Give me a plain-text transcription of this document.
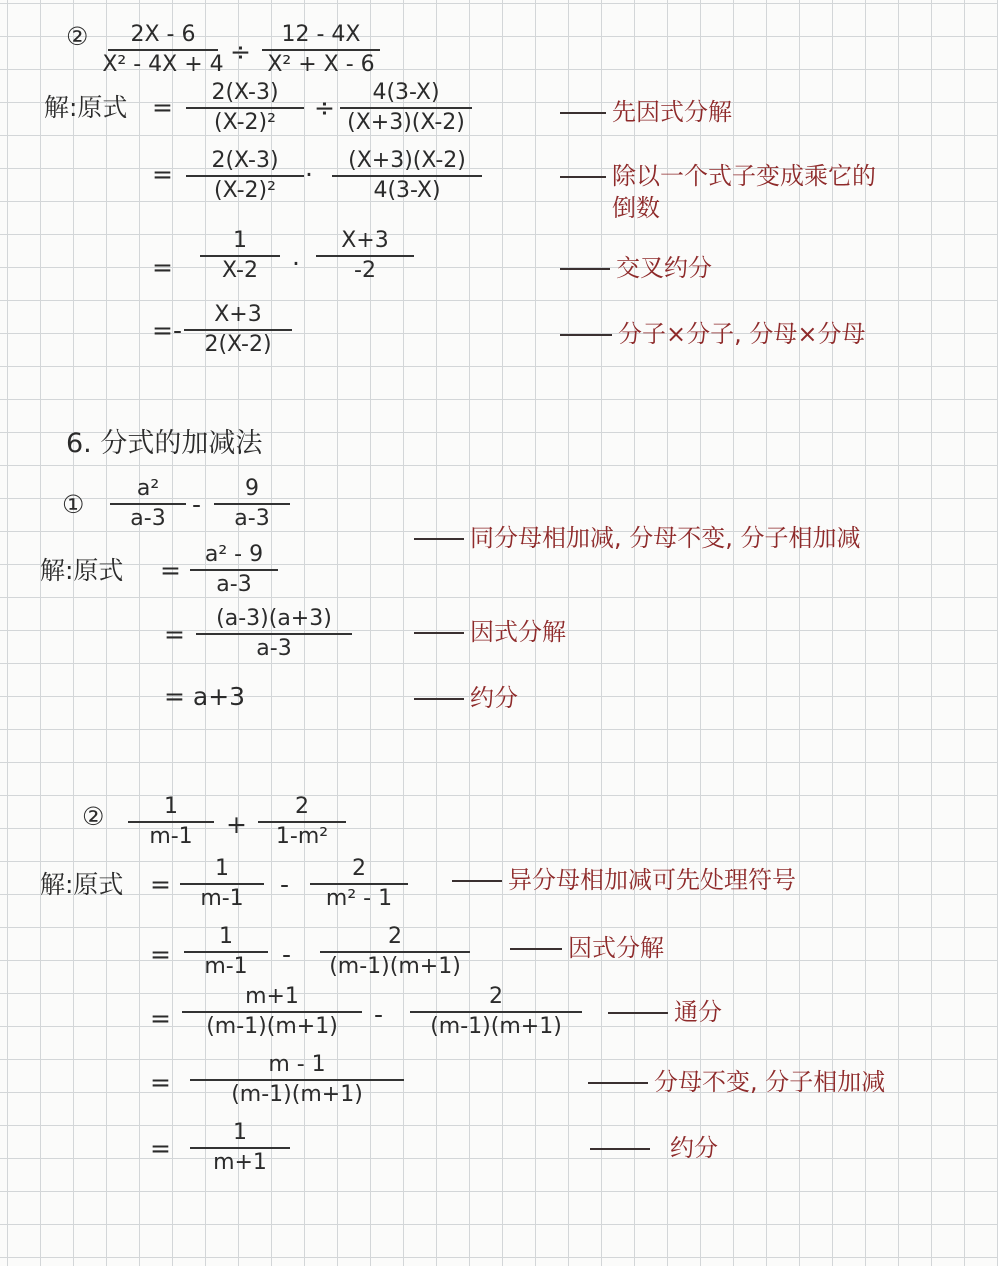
②	2X - 6
X² - 4X + 4 ÷
12 - 4X
X² + X - 6
解:原式 =
2(X-3)
(X-2)²
÷
4(3-X)
(X+3)(X-2)	先因式分解
=	2(X-3)
(X-2)²
·	(X+3)(X-2)
4(3-X)
除以一个式子变成乘它的
倒数
=
1
X-2	·
X+3
-2	交叉约分
=-
X+3
2(X-2)	分子×分子, 分母×分母
6. 分式的加减法
①
a²
a-3	-
9
a-3
同分母相加减, 分母不变, 分子相加减
解:原式 =
a² - 9
a-3
=
(a-3)(a+3)
a-3
因式分解
= a+3	约分
②	1
m-1	+
2
1-m²
解:原式 =
1
m-1	-
2
m² - 1
异分母相加减可先处理符号
=
1
m-1	-
2
(m-1)(m+1)
因式分解
=
m+1
(m-1)(m+1)	-
2
(m-1)(m+1)
通分
=
m - 1
(m-1)(m+1)	分母不变, 分子相加减
=
1
m+1
约分
